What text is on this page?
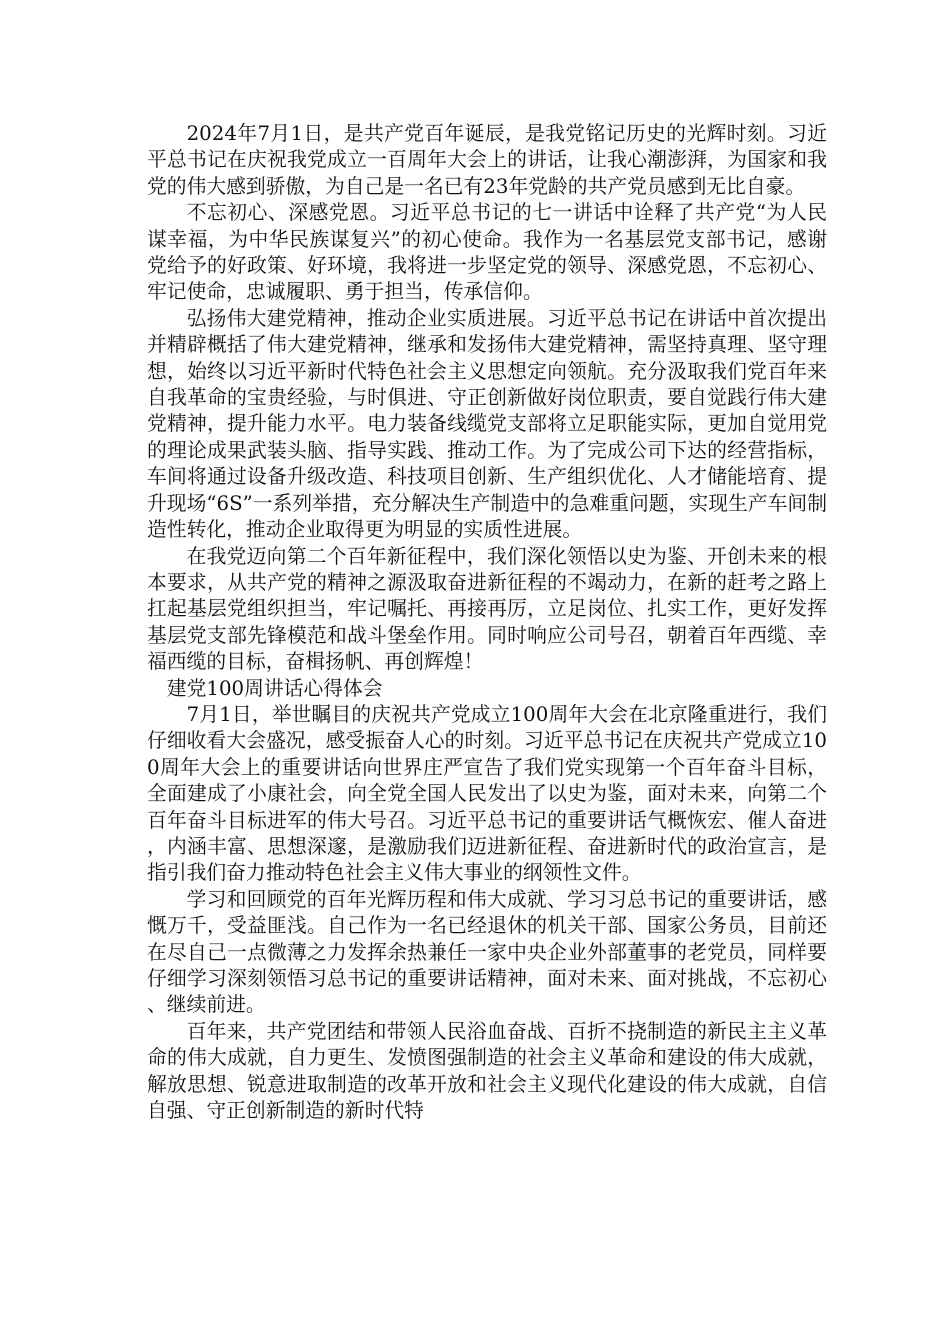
2024年7月1日，是共产党百年诞辰，是我党铭记历史的光辉时刻。习近平总书记在庆祝我党成立一百周年大会上的讲话，让我心潮澎湃，为国家和我党的伟大感到骄傲，为自己是一名已有23年党龄的共产党员感到无比自豪。

不忘初心、深感党恩。习近平总书记的七一讲话中诠释了共产党“为人民谋幸福，为中华民族谋复兴”的初心使命。我作为一名基层党支部书记，感谢党给予的好政策、好环境，我将进一步坚定党的领导、深感党恩，不忘初心、牢记使命，忠诚履职、勇于担当，传承信仰。

弘扬伟大建党精神，推动企业实质进展。习近平总书记在讲话中首次提出并精辟概括了伟大建党精神，继承和发扬伟大建党精神，需坚持真理、坚守理想，始终以习近平新时代特色社会主义思想定向领航。充分汲取我们党百年来自我革命的宝贵经验，与时俱进、守正创新做好岗位职责，要自觉践行伟大建党精神，提升能力水平。电力装备线缆党支部将立足职能实际，更加自觉用党的理论成果武装头脑、指导实践、推动工作。为了完成公司下达的经营指标，车间将通过设备升级改造、科技项目创新、生产组织优化、人才储能培育、提升现场“6S”一系列举措，充分解决生产制造中的急难重问题，实现生产车间制造性转化，推动企业取得更为明显的实质性进展。

在我党迈向第二个百年新征程中，我们深化领悟以史为鉴、开创未来的根本要求，从共产党的精神之源汲取奋进新征程的不竭动力，在新的赶考之路上扛起基层党组织担当，牢记嘱托、再接再厉，立足岗位、扎实工作，更好发挥基层党支部先锋模范和战斗堡垒作用。同时响应公司号召，朝着百年西缆、幸福西缆的目标，奋楫扬帆、再创辉煌！

建党100周讲话心得体会

7月1日，举世瞩目的庆祝共产党成立100周年大会在北京隆重进行，我们仔细收看大会盛况，感受振奋人心的时刻。习近平总书记在庆祝共产党成立100周年大会上的重要讲话向世界庄严宣告了我们党实现第一个百年奋斗目标，全面建成了小康社会，向全党全国人民发出了以史为鉴，面对未来，向第二个百年奋斗目标进军的伟大号召。习近平总书记的重要讲话气概恢宏、催人奋进，内涵丰富、思想深邃，是激励我们迈进新征程、奋进新时代的政治宣言，是指引我们奋力推动特色社会主义伟大事业的纲领性文件。

学习和回顾党的百年光辉历程和伟大成就、学习习总书记的重要讲话，感慨万千，受益匪浅。自己作为一名已经退休的机关干部、国家公务员，目前还在尽自己一点微薄之力发挥余热兼任一家中央企业外部董事的老党员，同样要仔细学习深刻领悟习总书记的重要讲话精神，面对未来、面对挑战，不忘初心、继续前进。

百年来，共产党团结和带领人民浴血奋战、百折不挠制造的新民主主义革命的伟大成就，自力更生、发愤图强制造的社会主义革命和建设的伟大成就，解放思想、锐意进取制造的改革开放和社会主义现代化建设的伟大成就，自信自强、守正创新制造的新时代特
